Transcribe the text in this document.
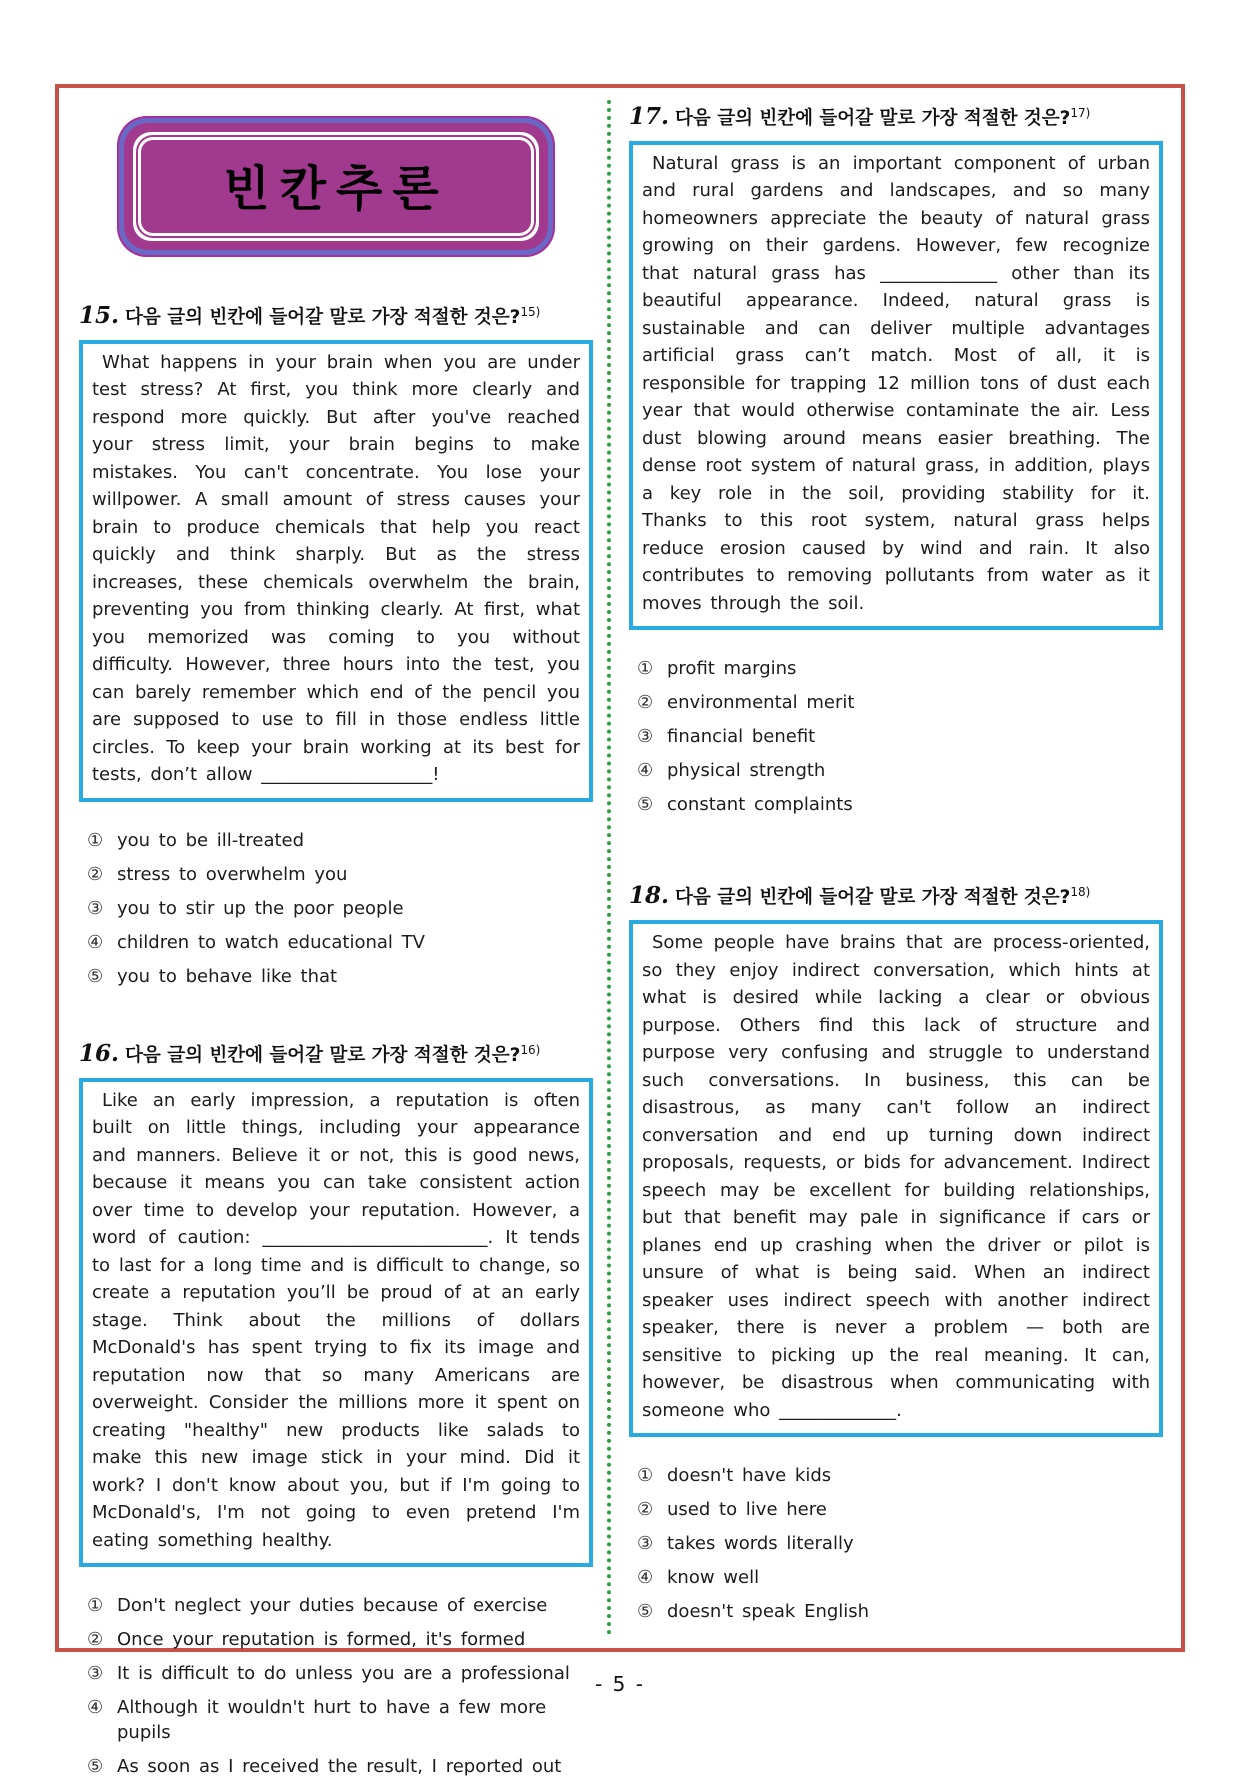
빈칸추론
15. 다음 글의 빈칸에 들어갈 말로 가장 적절한 것은?$^{15)}$
What happens in your brain when you are under test stress? At first, you think more clearly and respond more quickly. But after you've reached your stress limit, your brain begins to make mistakes. You can't concentrate. You lose your willpower. A small amount of stress causes your brain to produce chemicals that help you react quickly and think sharply. But as the stress increases, these chemicals overwhelm the brain, preventing you from thinking clearly. At first, what you memorized was coming to you without difficulty. However, three hours into the test, you can barely remember which end of the pencil you are supposed to use to fill in those endless little circles. To keep your brain working at its best for tests, don’t allow ___________________!
① you to be ill-treated
② stress to overwhelm you
③ you to stir up the poor people
④ children to watch educational TV
⑤ you to behave like that
16. 다음 글의 빈칸에 들어갈 말로 가장 적절한 것은?$^{16)}$
Like an early impression, a reputation is often built on little things, including your appearance and manners. Believe it or not, this is good news, because it means you can take consistent action over time to develop your reputation. However, a word of caution: _________________________. It tends to last for a long time and is difficult to change, so create a reputation you’ll be proud of at an early stage. Think about the millions of dollars McDonald's has spent trying to fix its image and reputation now that so many Americans are overweight. Consider the millions more it spent on creating "healthy" new products like salads to make this new image stick in your mind. Did it work? I don't know about you, but if I'm going to McDonald's, I'm not going to even pretend I'm eating something healthy.
① Don't neglect your duties because of exercise
② Once your reputation is formed, it's formed
③ It is difficult to do unless you are a professional
④ Although it wouldn't hurt to have a few more pupils
⑤ As soon as I received the result, I reported out
17. 다음 글의 빈칸에 들어갈 말로 가장 적절한 것은?$^{17)}$
Natural grass is an important component of urban and rural gardens and landscapes, and so many homeowners appreciate the beauty of natural grass growing on their gardens. However, few recognize that natural grass has _____________ other than its beautiful appearance. Indeed, natural grass is sustainable and can deliver multiple advantages artificial grass can’t match. Most of all, it is responsible for trapping 12 million tons of dust each year that would otherwise contaminate the air. Less dust blowing around means easier breathing. The dense root system of natural grass, in addition, plays a key role in the soil, providing stability for it. Thanks to this root system, natural grass helps reduce erosion caused by wind and rain. It also contributes to removing pollutants from water as it moves through the soil.
① profit margins
② environmental merit
③ financial benefit
④ physical strength
⑤ constant complaints
18. 다음 글의 빈칸에 들어갈 말로 가장 적절한 것은?$^{18)}$
Some people have brains that are process-oriented, so they enjoy indirect conversation, which hints at what is desired while lacking a clear or obvious purpose. Others find this lack of structure and purpose very confusing and struggle to understand such conversations. In business, this can be disastrous, as many can't follow an indirect conversation and end up turning down indirect proposals, requests, or bids for advancement. Indirect speech may be excellent for building relationships, but that benefit may pale in significance if cars or planes end up crashing when the driver or pilot is unsure of what is being said. When an indirect speaker uses indirect speech with another indirect speaker, there is never a problem — both are sensitive to picking up the real meaning. It can, however, be disastrous when communicating with someone who _____________.
① doesn't have kids
② used to live here
③ takes words literally
④ know well
⑤ doesn't speak English
- 5 -
